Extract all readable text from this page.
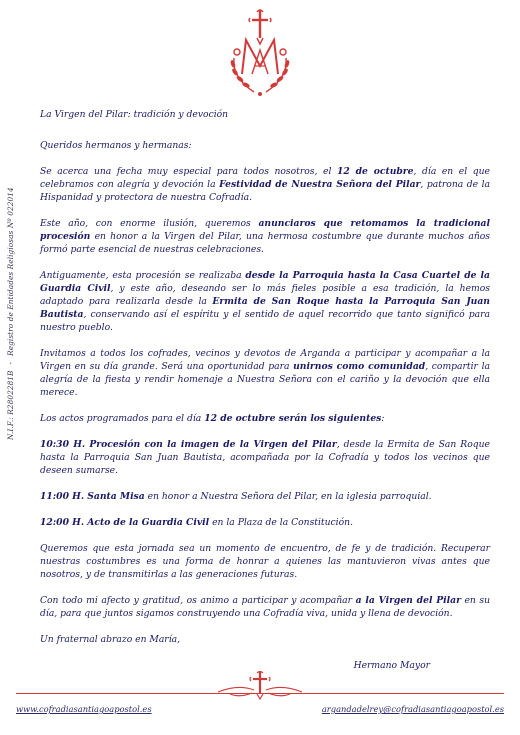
N.I.F.: R2802281B-Registro de Entidades Religiosas Nº 022014

La Virgen del Pilar: tradición y devoción

Queridos hermanos y hermanas:

Se acerca una fecha muy especial para todos nosotros, el 12 de octubre, día en el que celebramos con alegría y devoción la Festividad de Nuestra Señora del Pilar, patrona de la Hispanidad y protectora de nuestra Cofradía.

Este año, con enorme ilusión, queremos anunciaros que retomamos la tradicional procesión en honor a la Virgen del Pilar, una hermosa costumbre que durante muchos años formó parte esencial de nuestras celebraciones.

Antiguamente, esta procesión se realizaba desde la Parroquia hasta la Casa Cuartel de la Guardia Civil, y este año, deseando ser lo más fieles posible a esa tradición, la hemos adaptado para realizarla desde la Ermita de San Roque hasta la Parroquia San Juan Bautista, conservando así el espíritu y el sentido de aquel recorrido que tanto significó para nuestro pueblo.

Invitamos a todos los cofrades, vecinos y devotos de Arganda a participar y acompañar a la Virgen en su día grande. Será una oportunidad para unirnos como comunidad, compartir la alegría de la fiesta y rendir homenaje a Nuestra Señora con el cariño y la devoción que ella merece.

Los actos programados para el día 12 de octubre serán los siguientes:

10:30 H. Procesión con la imagen de la Virgen del Pilar, desde la Ermita de San Roque hasta la Parroquia San Juan Bautista, acompañada por la Cofradía y todos los vecinos que deseen sumarse.

11:00 H. Santa Misa en honor a Nuestra Señora del Pilar, en la iglesia parroquial.

12:00 H. Acto de la Guardia Civil en la Plaza de la Constitución.

Queremos que esta jornada sea un momento de encuentro, de fe y de tradición. Recuperar nuestras costumbres es una forma de honrar a quienes las mantuvieron vivas antes que nosotros, y de transmitirlas a las generaciones futuras.

Con todo mi afecto y gratitud, os animo a participar y acompañar a la Virgen del Pilar en su día, para que juntos sigamos construyendo una Cofradía viva, unida y llena de devoción.

Un fraternal abrazo en María,

Hermano Mayor

www.cofradiasantiagoapostol.es	argandadelrey@cofradiasantiagoapostol.es
